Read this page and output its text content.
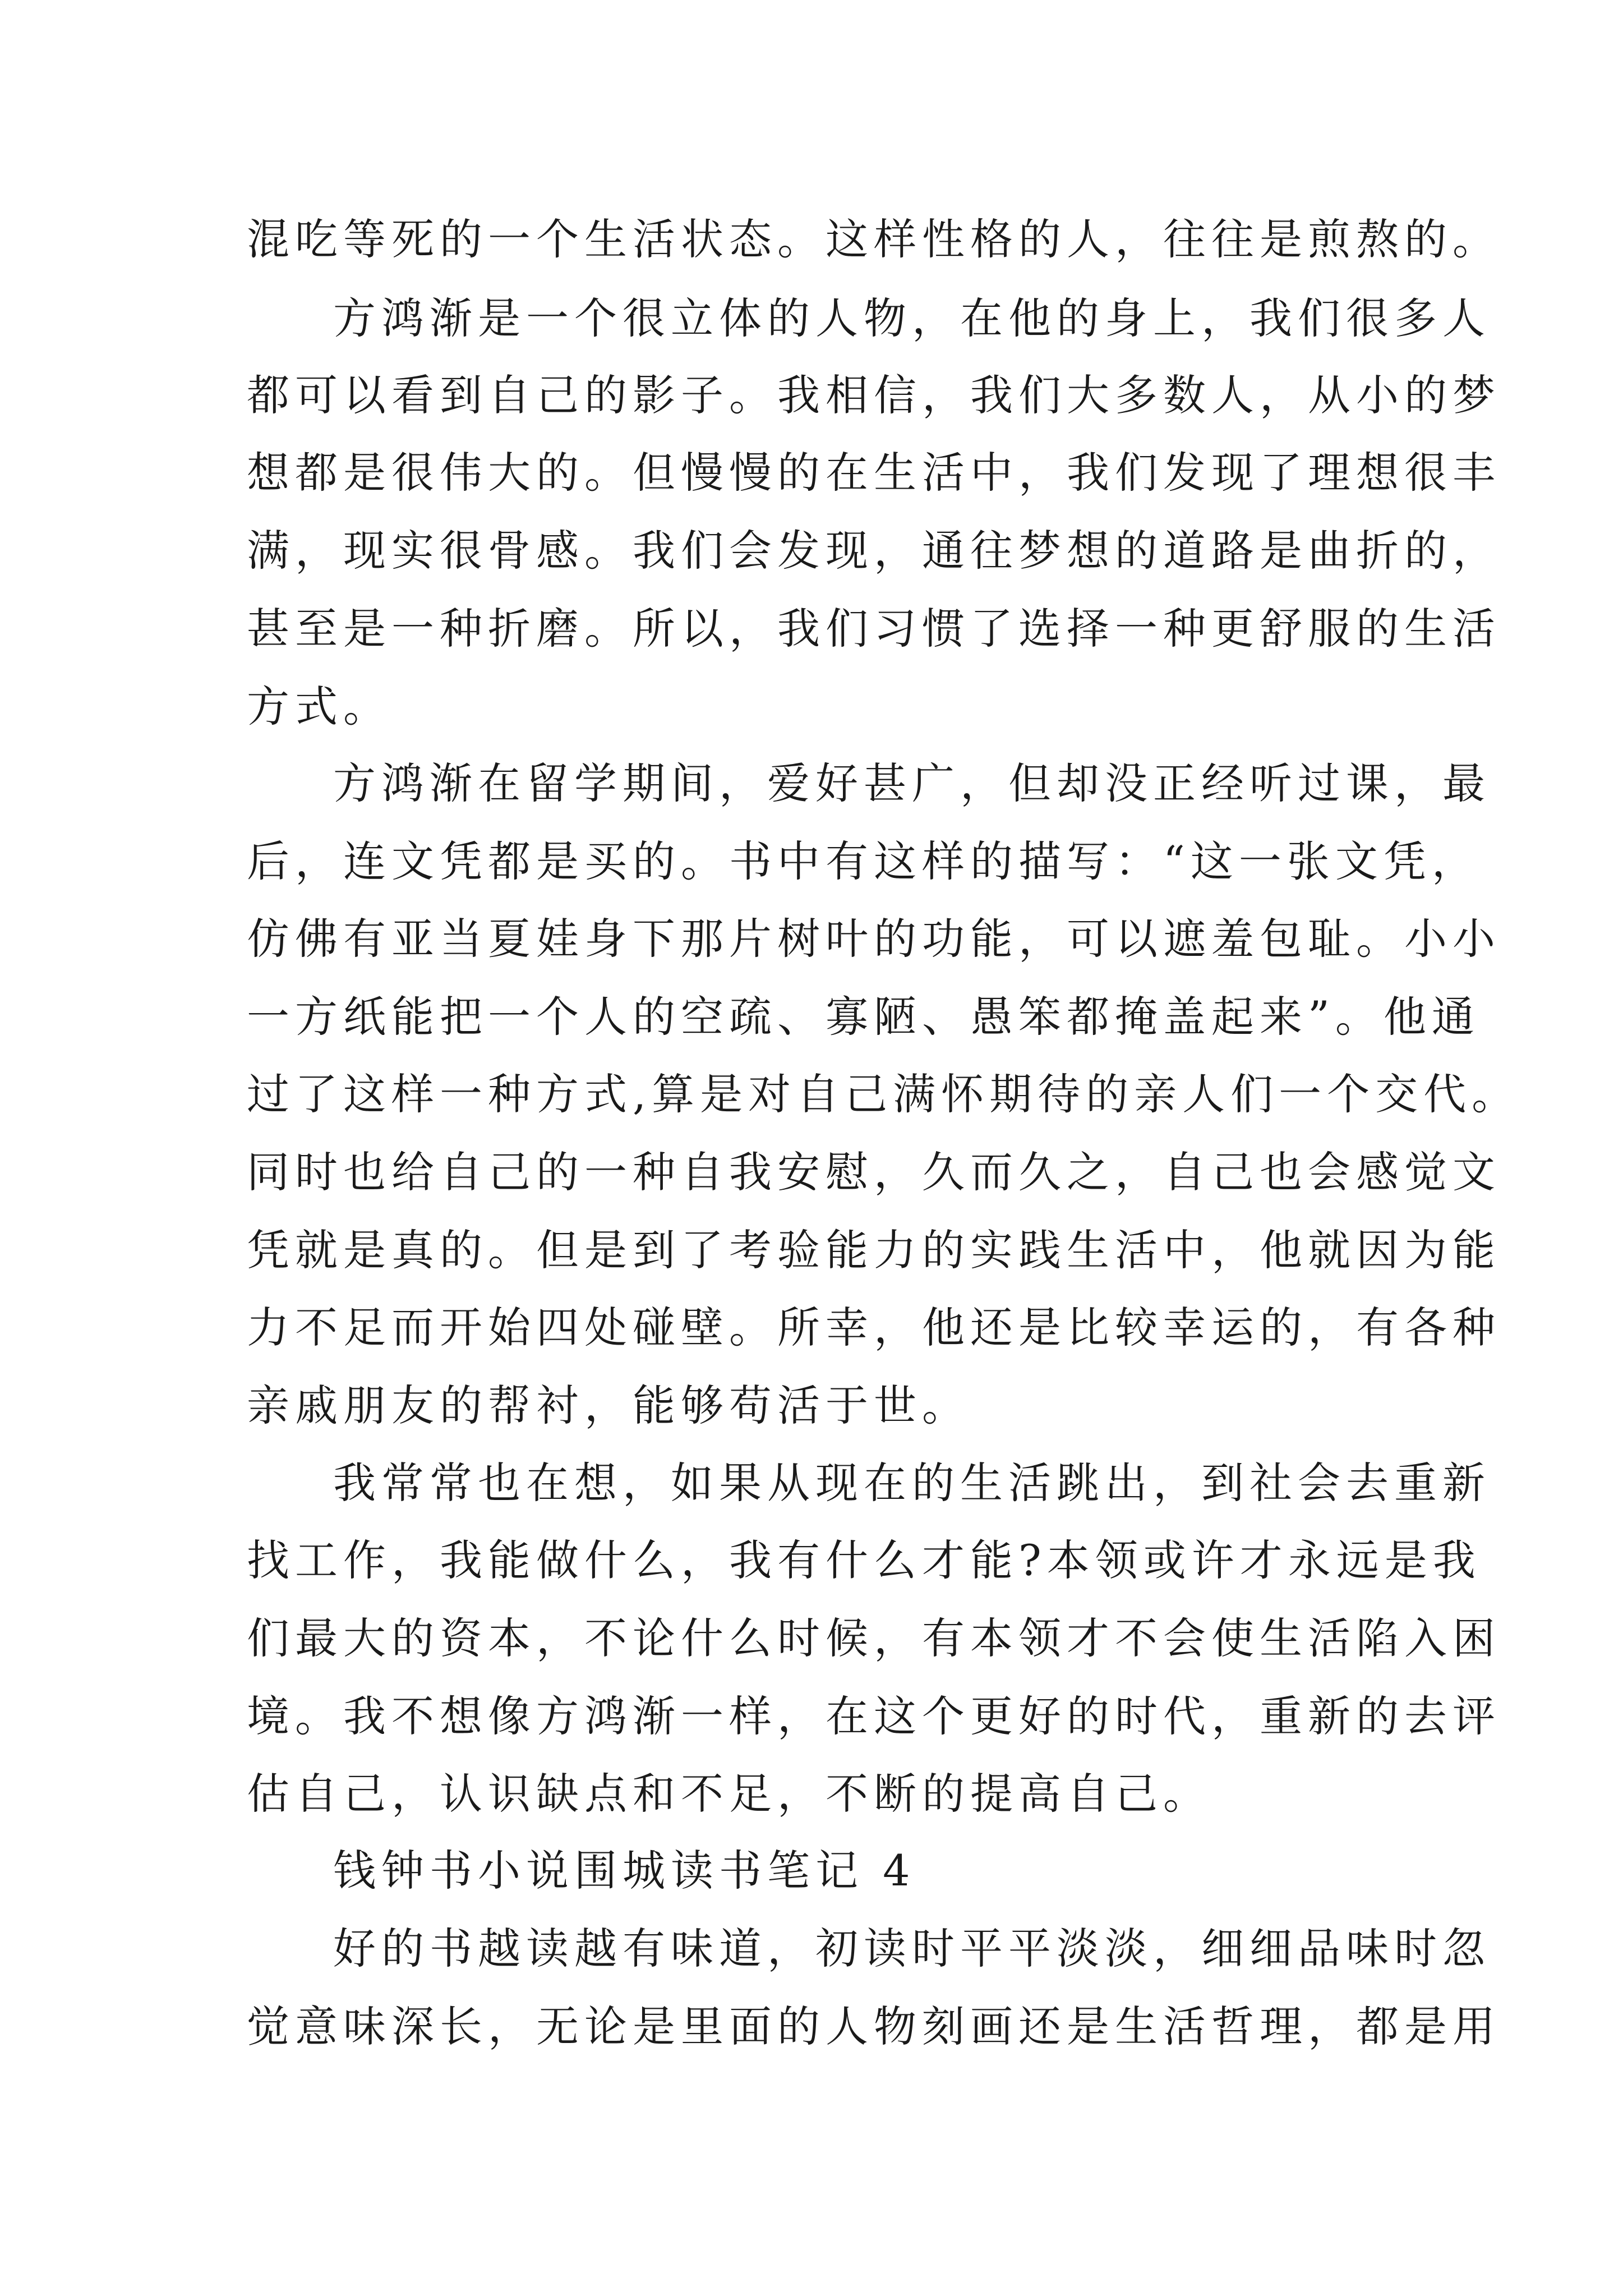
混吃等死的一个生活状态。这样性格的人，往往是煎熬的。
方鸿渐是一个很立体的人物，在他的身上，我们很多人
都可以看到自己的影子。我相信，我们大多数人，从小的梦
想都是很伟大的。但慢慢的在生活中，我们发现了理想很丰
满，现实很骨感。我们会发现，通往梦想的道路是曲折的，
甚至是一种折磨。所以，我们习惯了选择一种更舒服的生活
方式。
方鸿渐在留学期间，爱好甚广，但却没正经听过课，最
后，连文凭都是买的。书中有这样的描写：“这一张文凭，
仿佛有亚当夏娃身下那片树叶的功能，可以遮羞包耻。小小
一方纸能把一个人的空疏、寡陋、愚笨都掩盖起来”。他通
过了这样一种方式,算是对自己满怀期待的亲人们一个交代。
同时也给自己的一种自我安慰，久而久之，自己也会感觉文
凭就是真的。但是到了考验能力的实践生活中，他就因为能
力不足而开始四处碰壁。所幸，他还是比较幸运的，有各种
亲戚朋友的帮衬，能够苟活于世。
我常常也在想，如果从现在的生活跳出，到社会去重新
找工作，我能做什么，我有什么才能?本领或许才永远是我
们最大的资本，不论什么时候，有本领才不会使生活陷入困
境。我不想像方鸿渐一样，在这个更好的时代，重新的去评
估自己，认识缺点和不足，不断的提高自己。
钱钟书小说围城读书笔记 4
好的书越读越有味道，初读时平平淡淡，细细品味时忽
觉意味深长，无论是里面的人物刻画还是生活哲理，都是用
